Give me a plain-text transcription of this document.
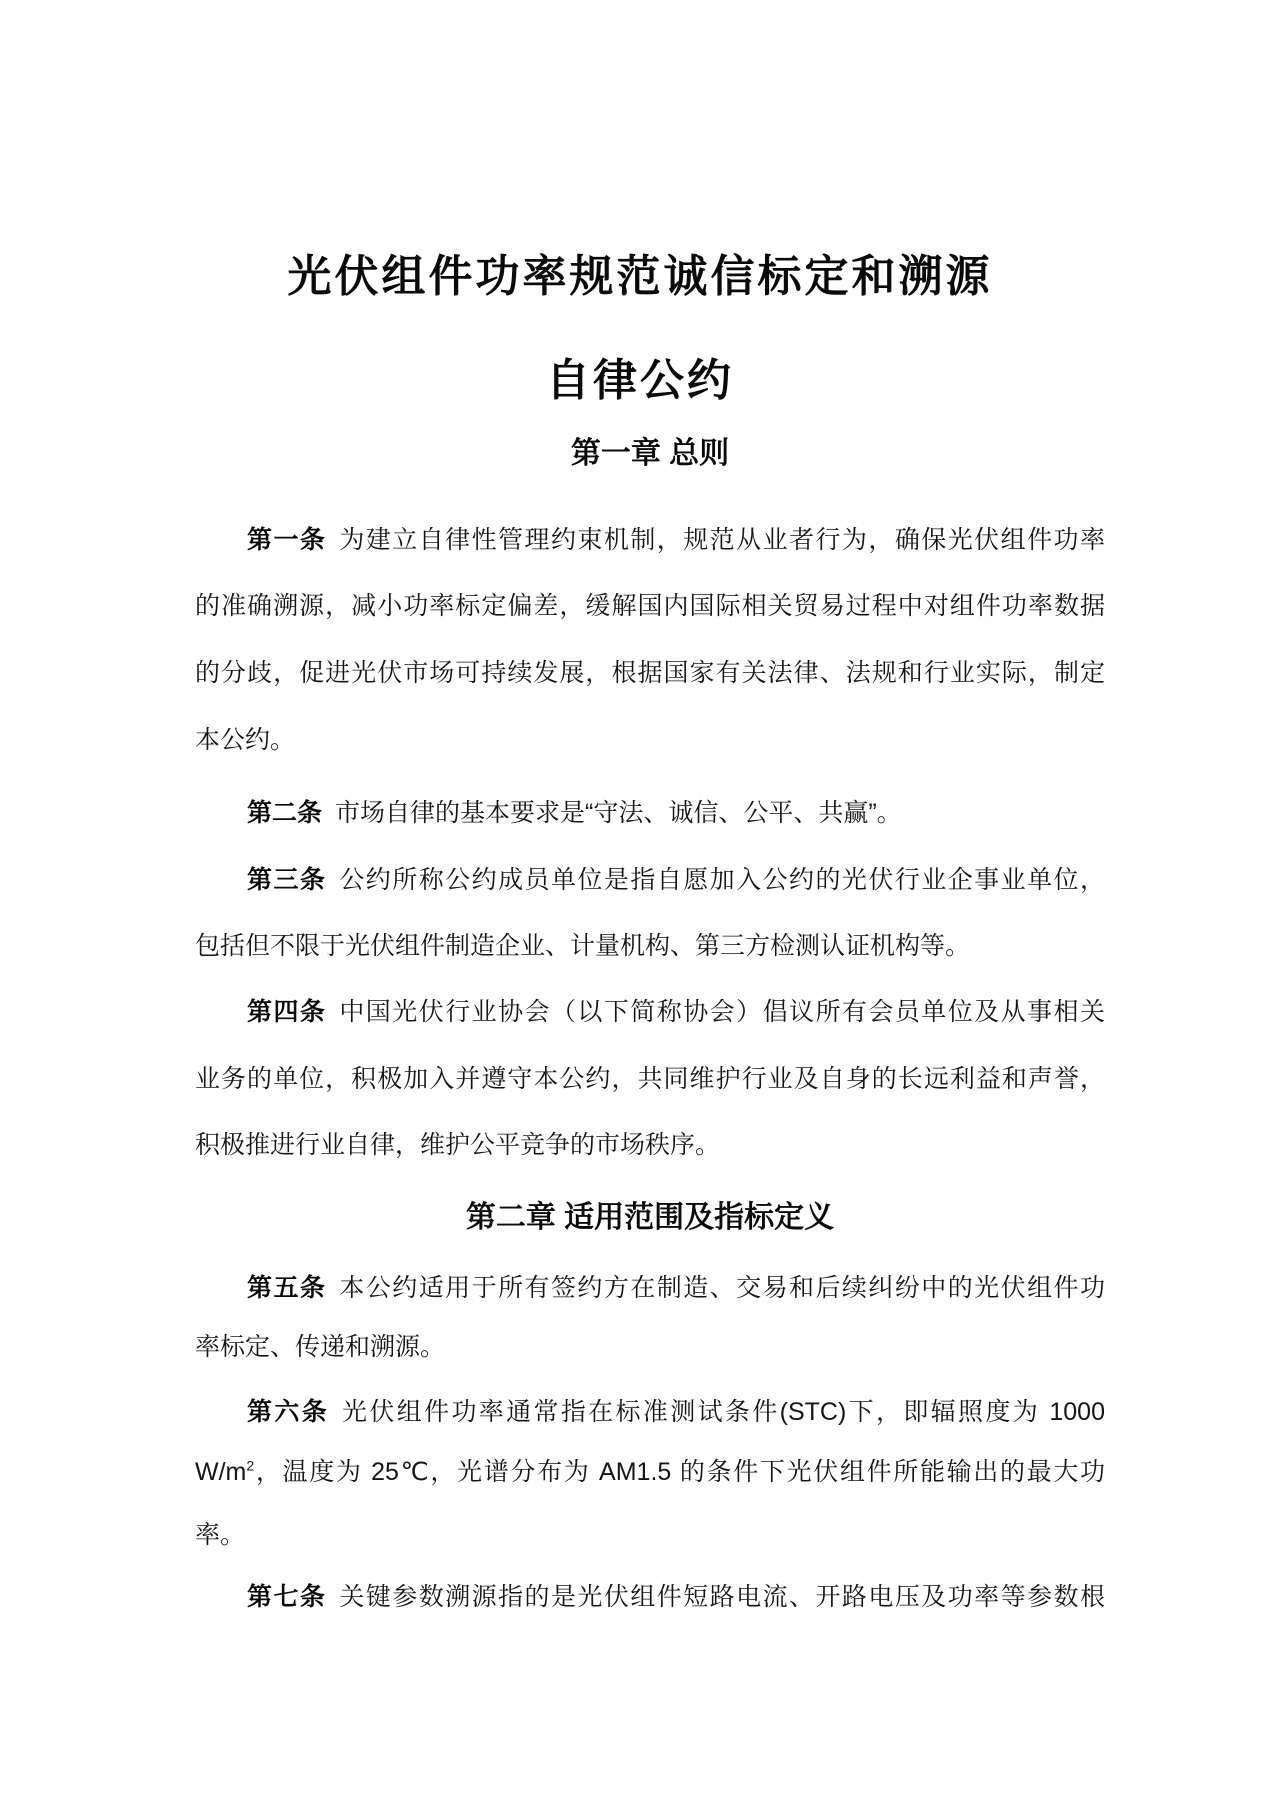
光伏组件功率规范诚信标定和溯源
自律公约
第一章 总则
第一条 为建立自律性管理约束机制，规范从业者行为，确保光伏组件功率
的准确溯源，减小功率标定偏差，缓解国内国际相关贸易过程中对组件功率数据
的分歧，促进光伏市场可持续发展，根据国家有关法律、法规和行业实际，制定
本公约。
第二条 市场自律的基本要求是“守法、诚信、公平、共赢”。
第三条 公约所称公约成员单位是指自愿加入公约的光伏行业企事业单位，
包括但不限于光伏组件制造企业、计量机构、第三方检测认证机构等。
第四条 中国光伏行业协会（以下简称协会）倡议所有会员单位及从事相关
业务的单位，积极加入并遵守本公约，共同维护行业及自身的长远利益和声誉，
积极推进行业自律，维护公平竞争的市场秩序。
第二章 适用范围及指标定义
第五条 本公约适用于所有签约方在制造、交易和后续纠纷中的光伏组件功
率标定、传递和溯源。
第六条 光伏组件功率通常指在标准测试条件(STC)下，即辐照度为 1000
$W/m^2$，温度为 25℃，光谱分布为 AM1.5 的条件下光伏组件所能输出的最大功
率。
第七条 关键参数溯源指的是光伏组件短路电流、开路电压及功率等参数根
